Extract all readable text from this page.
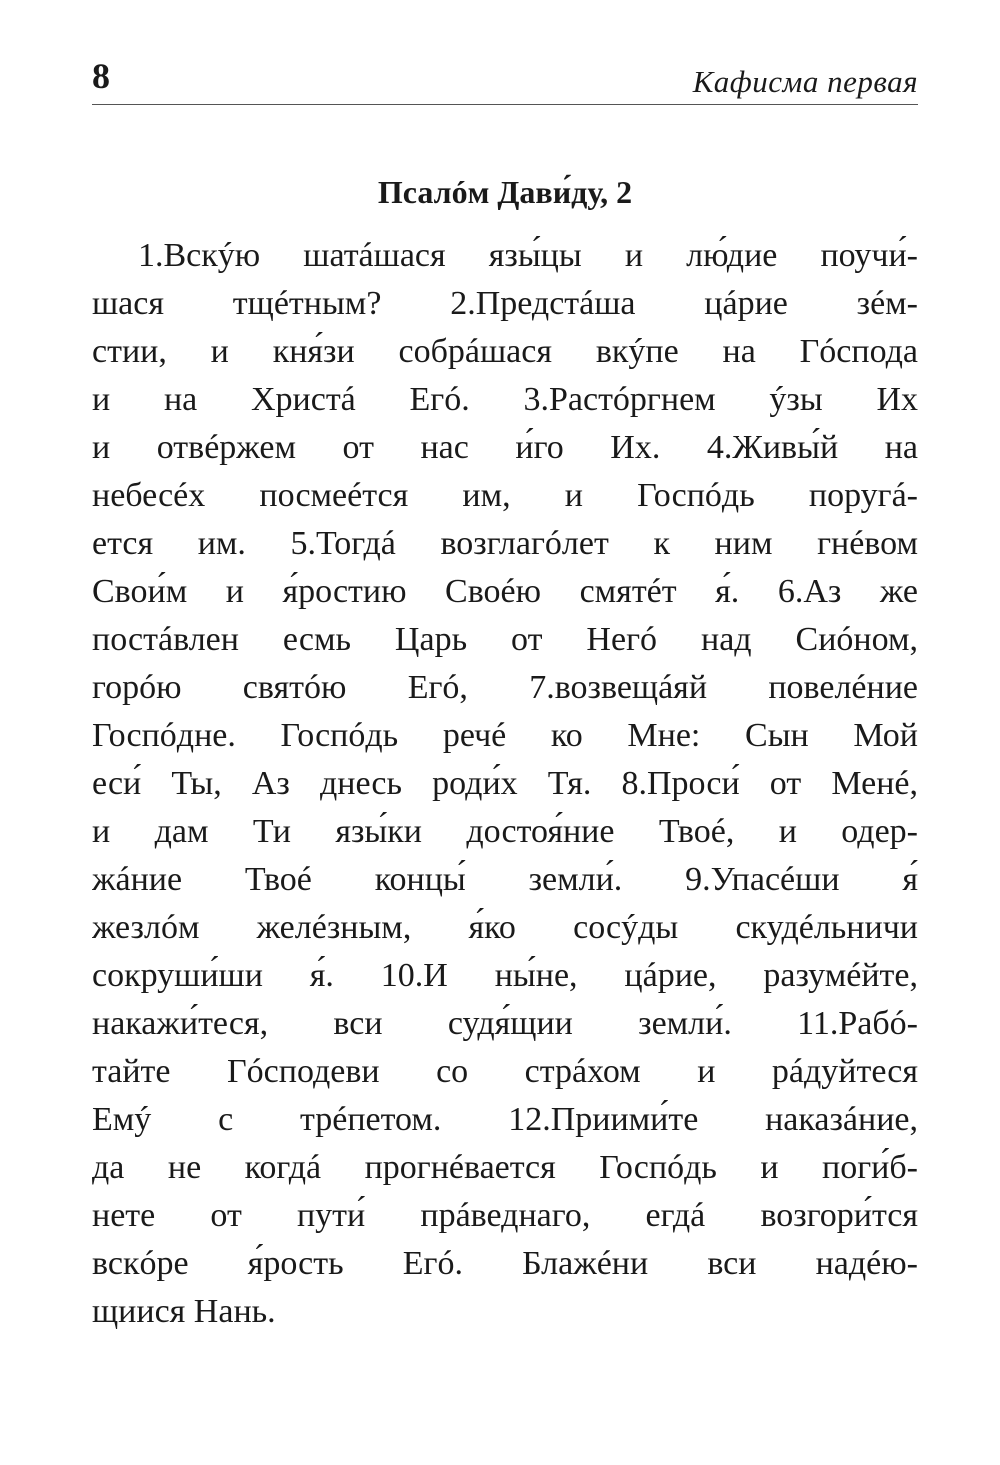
8	Кафисма первая
Псалóм Дави́ду, 2
1.Вскýю шатáшася язы́цы и лю́дие поучи́-
шася тщéтным? 2.Предстáша цáрие зéм-
стии, и кня́зи собрáшася вкýпе на Гóспода
и на Христá Егó. 3.Растóргнем ýзы Их
и отвéржем от нас и́го Их. 4.Живы́й на
небесéх посмеéтся им, и Госпóдь поругá-
ется им. 5.Тогдá возглагóлет к ним гнéвом
Свои́м и я́ростию Своéю смятéт я́. 6.Аз же
постáвлен есмь Царь от Негó над Сиóном,
горóю святóю Егó, 7.возвещáяй повелéние
Госпóдне. Госпóдь речé ко Мне: Сын Мой
еси́ Ты, Аз днесь роди́х Тя. 8.Проси́ от Менé,
и дам Ти язы́ки достоя́ние Твоé, и одер-
жáние Твоé концы́ земли́. 9.Упасéши я́
жезлóм желéзным, я́ко сосýды скудéльничи
сокруши́ши я́. 10.И ны́не, цáрие, разумéйте,
накажи́теся, вси судя́щии земли́. 11.Рабó-
тайте Гóсподеви со стрáхом и рáдуйтеся
Емý с трéпетом. 12.Приими́те наказáние,
да не когдá прогнéвается Госпóдь и поги́б-
нете от пути́ прáведнаго, егдá возгори́тся
вскóре я́рость Егó. Блажéни вси надéю-
щиися Нань.
